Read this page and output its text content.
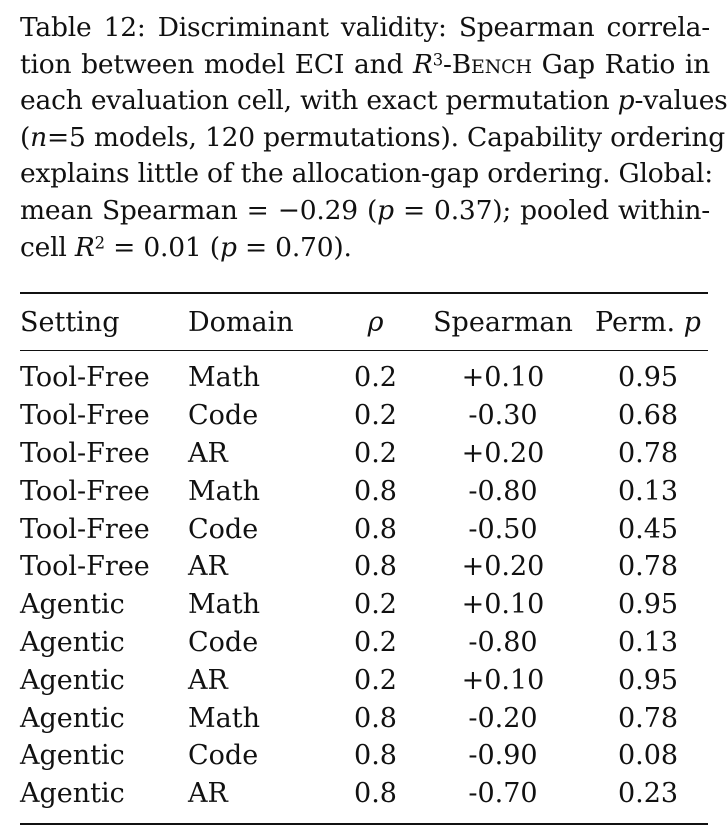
Table 12: Discriminant validity: Spearman correla-
tion between model ECI and $R^3$-Bench Gap Ratio in
each evaluation cell, with exact permutation p-values
(n=5 models, 120 permutations). Capability ordering
explains little of the allocation-gap ordering. Global:
mean Spearman = −0.29 (p = 0.37); pooled within-
cell $R^2 = 0.01$ (p = 0.70).
Setting	Domain	ρ	Spearman	Perm. p
Tool-Free	Math	0.2	+0.10	0.95
Tool-Free	Code	0.2	-0.30	0.68
Tool-Free	AR	0.2	+0.20	0.78
Tool-Free	Math	0.8	-0.80	0.13
Tool-Free	Code	0.8	-0.50	0.45
Tool-Free	AR	0.8	+0.20	0.78
Agentic	Math	0.2	+0.10	0.95
Agentic	Code	0.2	-0.80	0.13
Agentic	AR	0.2	+0.10	0.95
Agentic	Math	0.8	-0.20	0.78
Agentic	Code	0.8	-0.90	0.08
Agentic	AR	0.8	-0.70	0.23
